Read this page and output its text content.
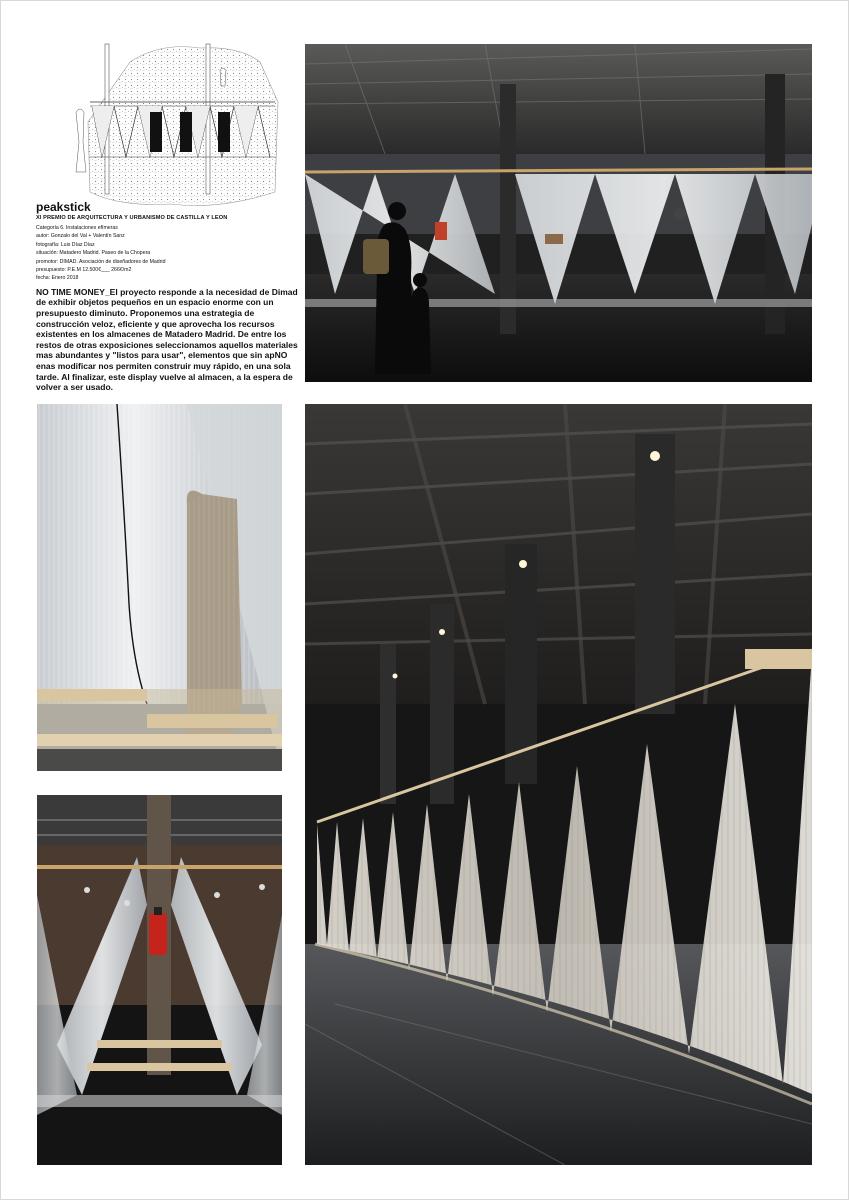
peakstick
XI PREMIO DE ARQUITECTURA Y URBANISMO DE CASTILLA Y LEON
Categoría 6. Instalaciones efímeras
autor: Gonzalo del Val + Valentín Sanz
fotografía: Luis Díaz Díaz
situación: Matadero Madrid. Paseo de la Chopera
promotor: DIMAD. Asociación de diseñadores de Madrid
presupuesto: P.E.M 12.500€___ 266€/m2
fecha: Enero 2018
NO TIME MONEY_El proyecto responde a la necesidad de Dimad de exhibir objetos pequeños en un espacio enorme con un presupuesto diminuto. Proponemos una estrategia de construcción veloz, eficiente y que aprovecha los recursos existentes en los almacenes de Matadero Madrid. De entre los restos de otras exposiciones seleccionamos aquellos materiales mas abundantes y "listos para usar", elementos que sin apNO enas modificar nos permiten construir muy rápido, en una sola tarde. Al finalizar, este display vuelve al almacen, a la espera de volver a ser usado.
